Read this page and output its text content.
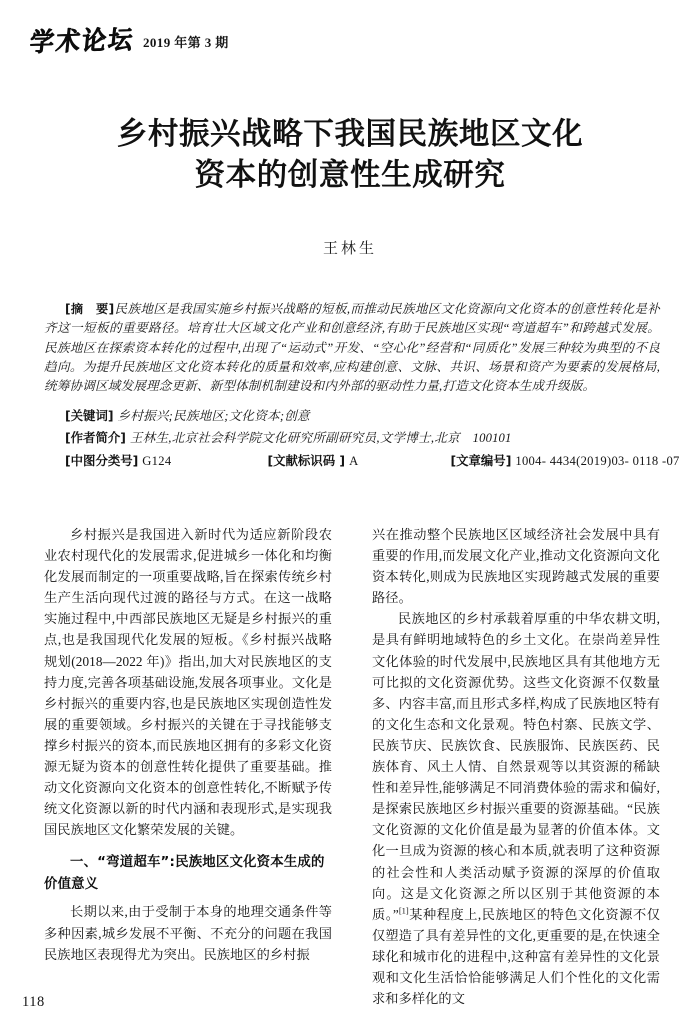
学术论坛 2019 年第 3 期
乡村振兴战略下我国民族地区文化
资本的创意性生成研究
王林生
[摘　要]民族地区是我国实施乡村振兴战略的短板,而推动民族地区文化资源向文化资本的创意性转化是补齐这一短板的重要路径。培育壮大区域文化产业和创意经济,有助于民族地区实现“弯道超车”和跨越式发展。民族地区在探索资本转化的过程中,出现了“运动式”开发、“空心化”经营和“同质化”发展三种较为典型的不良趋向。为提升民族地区文化资本转化的质量和效率,应构建创意、文脉、共识、场景和资产为要素的发展格局,统筹协调区域发展理念更新、新型体制机制建设和内外部的驱动性力量,打造文化资本生成升级版。
[关键词] 乡村振兴;民族地区;文化资本;创意
[作者简介] 王林生,北京社会科学院文化研究所副研究员,文学博士,北京　100101
[中图分类号] G124	[文献标识码 ] A	[文章编号] 1004- 4434(2019)03- 0118 -07

乡村振兴是我国进入新时代为适应新阶段农业农村现代化的发展需求,促进城乡一体化和均衡化发展而制定的一项重要战略,旨在探索传统乡村生产生活向现代过渡的路径与方式。在这一战略实施过程中,中西部民族地区无疑是乡村振兴的重点,也是我国现代化发展的短板。《乡村振兴战略规划(2018—2022 年)》指出,加大对民族地区的支持力度,完善各项基础设施,发展各项事业。文化是乡村振兴的重要内容,也是民族地区实现创造性发展的重要领域。乡村振兴的关键在于寻找能够支撑乡村振兴的资本,而民族地区拥有的多彩文化资源无疑为资本的创意性转化提供了重要基础。推动文化资源向文化资本的创意性转化,不断赋予传统文化资源以新的时代内涵和表现形式,是实现我国民族地区文化繁荣发展的关键。

一、“弯道超车”:民族地区文化资本生成的价值意义

长期以来,由于受制于本身的地理交通条件等多种因素,城乡发展不平衡、不充分的问题在我国民族地区表现得尤为突出。民族地区的乡村振

兴在推动整个民族地区区域经济社会发展中具有重要的作用,而发展文化产业,推动文化资源向文化资本转化,则成为民族地区实现跨越式发展的重要路径。

民族地区的乡村承载着厚重的中华农耕文明,是具有鲜明地域特色的乡土文化。在崇尚差异性文化体验的时代发展中,民族地区具有其他地方无可比拟的文化资源优势。这些文化资源不仅数量多、内容丰富,而且形式多样,构成了民族地区特有的文化生态和文化景观。特色村寨、民族文学、民族节庆、民族饮食、民族服饰、民族医药、民族体育、风土人情、自然景观等以其资源的稀缺性和差异性,能够满足不同消费体验的需求和偏好,是探索民族地区乡村振兴重要的资源基础。“民族文化资源的文化价值是最为显著的价值本体。文化一旦成为资源的核心和本质,就表明了这种资源的社会性和人类活动赋予资源的深厚的价值取向。这是文化资源之所以区别于其他资源的本质。”[1]某种程度上,民族地区的特色文化资源不仅仅塑造了具有差异性的文化,更重要的是,在快速全球化和城市化的进程中,这种富有差异性的文化景观和文化生活恰恰能够满足人们个性化的文化需求和多样化的文

118
